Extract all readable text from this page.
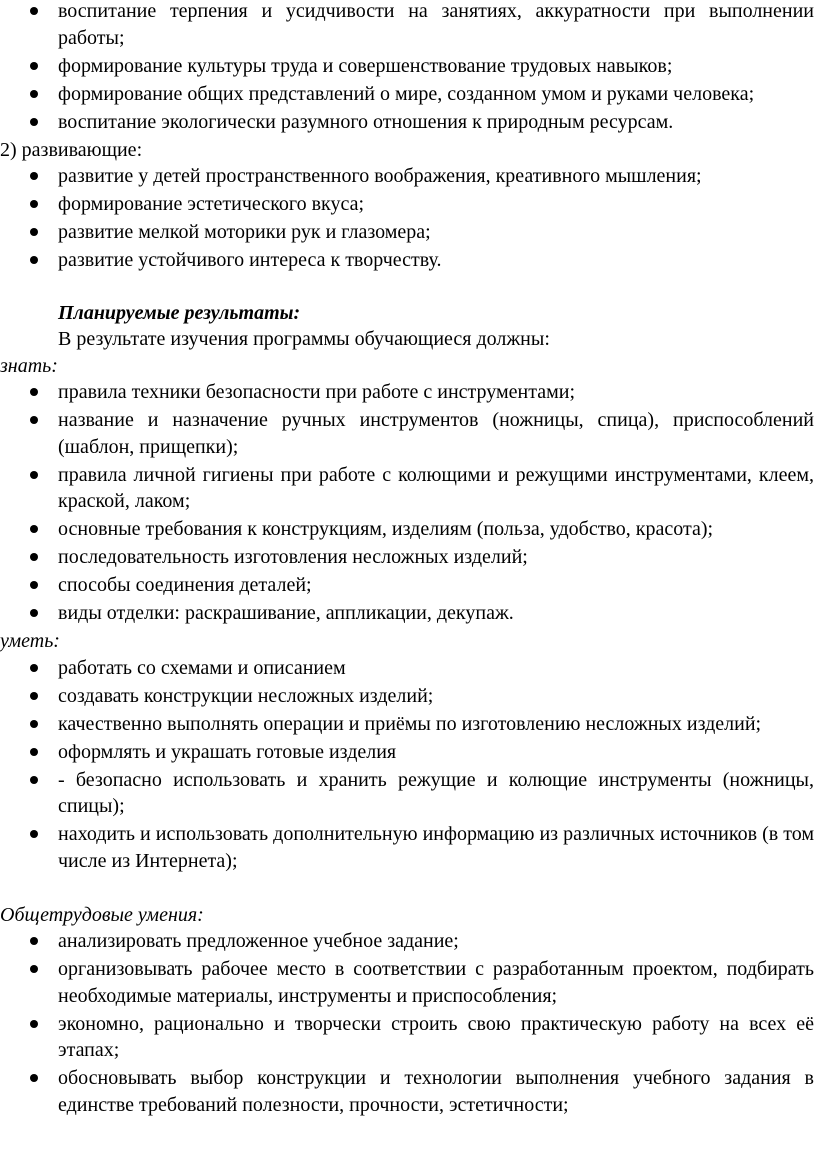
воспитание терпения и усидчивости на занятиях, аккуратности при выполнении работы;
формирование культуры труда и совершенствование трудовых навыков;
формирование общих представлений о мире, созданном умом и руками человека;
воспитание экологически разумного отношения к природным ресурсам.

2) развивающие:

развитие у детей пространственного воображения, креативного мышления;
формирование эстетического вкуса;
развитие мелкой моторики рук и глазомера;
развитие устойчивого интереса к творчеству.

Планируемые результаты:

В результате изучения программы обучающиеся должны:

знать:

правила техники безопасности при работе с инструментами;
название и назначение ручных инструментов (ножницы, спица), приспособлений (шаблон, прищепки);
правила личной гигиены при работе с колющими и режущими инструментами, клеем, краской, лаком;
основные требования к конструкциям, изделиям (польза, удобство, красота);
последовательность изготовления несложных изделий;
способы соединения деталей;
виды отделки: раскрашивание, аппликации, декупаж.

уметь:

работать со схемами и описанием
создавать конструкции несложных изделий;
качественно выполнять операции и приёмы по изготовлению несложных изделий;
оформлять и украшать готовые изделия
- безопасно использовать и хранить режущие и колющие инструменты (ножницы, спицы);
находить и использовать дополнительную информацию из различных источников (в том числе из Интернета);

Общетрудовые умения:

анализировать предложенное учебное задание;
организовывать рабочее место в соответствии с разработанным проектом, подбирать необходимые материалы, инструменты и приспособления;
экономно, рационально и творчески строить свою практическую работу на всех её этапах;
обосновывать выбор конструкции и технологии выполнения учебного задания в единстве требований полезности, прочности, эстетичности;
